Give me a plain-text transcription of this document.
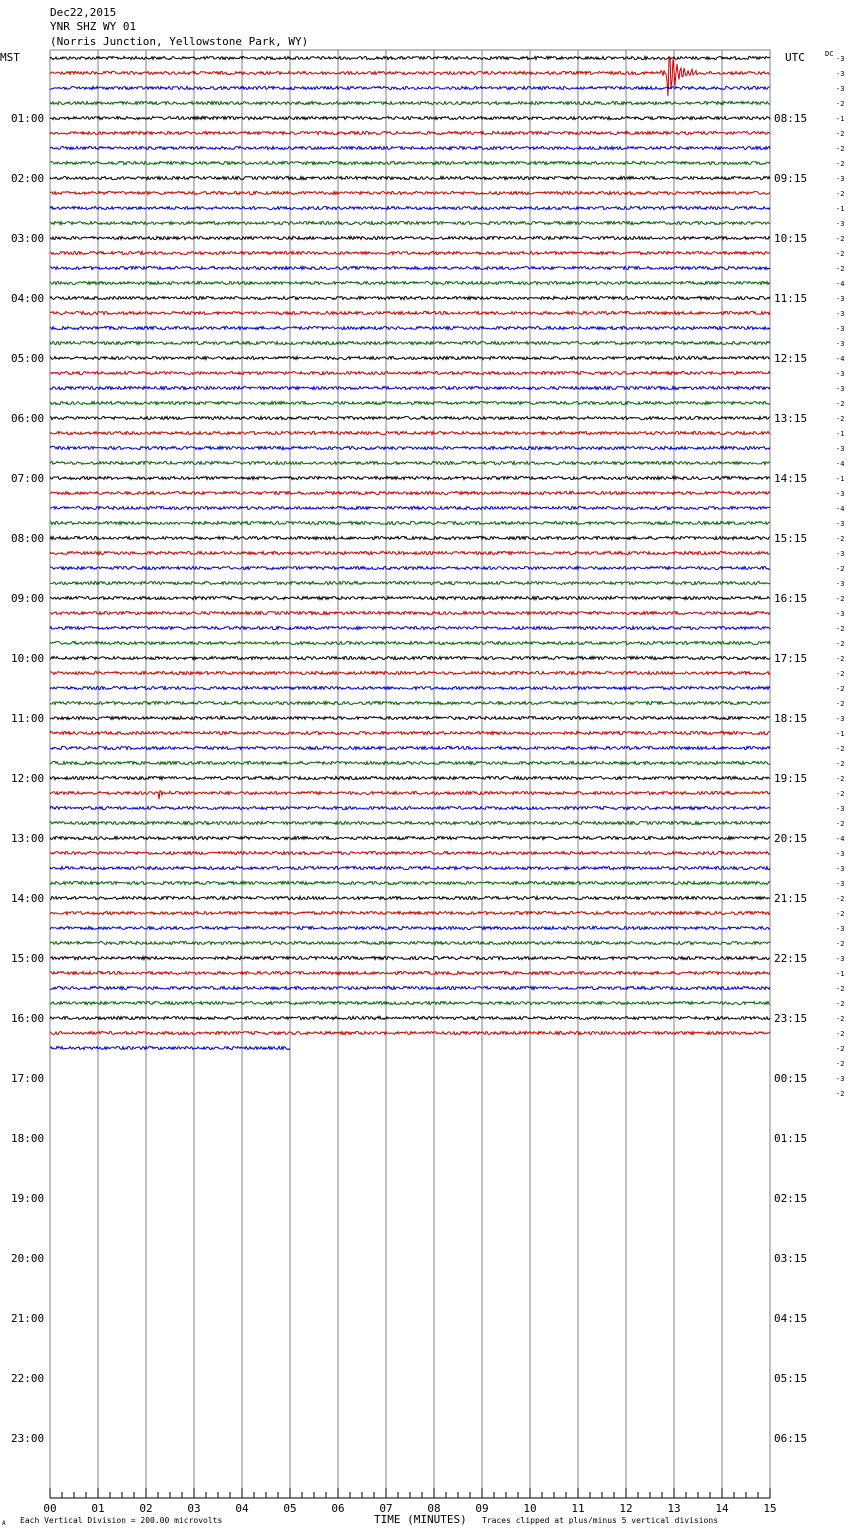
Dec22,2015
YNR SHZ WY 01
(Norris Junction, Yellowstone Park, WY)
MST	UTC	DC
01:00	08:15
02:00	09:15
03:00	10:15
04:00	11:15
05:00	12:15
06:00	13:15
07:00	14:15
08:00	15:15
09:00	16:15
10:00	17:15
11:00	18:15
12:00	19:15
13:00	20:15
14:00	21:15
15:00	22:15
16:00	23:15
17:00	00:15
18:00	01:15
19:00	02:15
20:00	03:15
21:00	04:15
22:00	05:15
23:00	06:15
-3
-3
-3
-2
-1
-2
-2
-2
-3
-2
-1
-3
-2
-2
-2
-4
-3
-3
-3
-3
-4
-3
-3
-2
-2
-1
-3
-4
-1
-3
-4
-3
-2
-3
-2
-3
-2
-3
-2
-2
-2
-2
-2
-2
-3
-1
-2
-2
-2
-2
-3
-2
-4
-3
-3
-3
-2
-2
-3
-2
-3
-1
-2
-2
-2
-2
-2
-2
-3
-2
00	01	02	03	04	05	06	07	08	09	10	11	12	13	14	15
A Each Vertical Division = 200.00 microvolts	TIME (MINUTES) Traces clipped at plus/minus 5 vertical divisions
